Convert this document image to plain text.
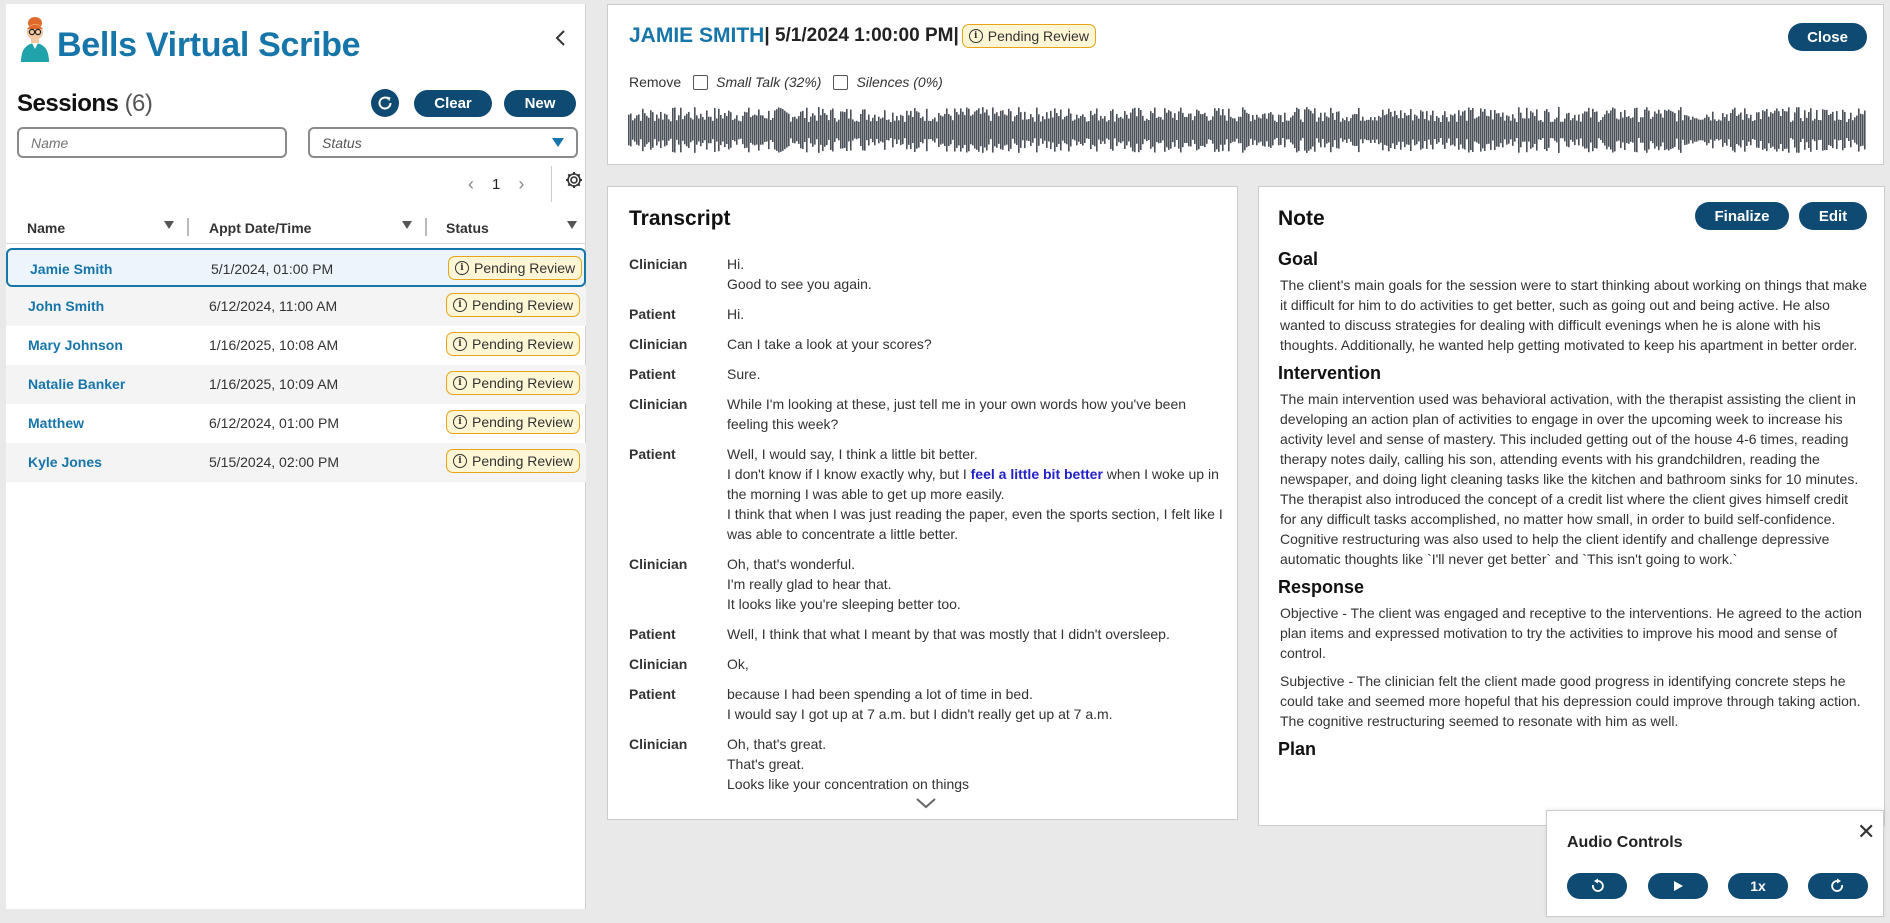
Bells Virtual Scribe
Sessions (6)	Clear	New
Name
Status
‹ 1 ›
Name	Appt Date/Time	Status
Jamie Smith	5/1/2024, 01:00 PM	i Pending Review
John Smith	6/12/2024, 11:00 AM	i Pending Review
Mary Johnson	1/16/2025, 10:08 AM	i Pending Review
Natalie Banker	1/16/2025, 10:09 AM	i Pending Review
Matthew	6/12/2024, 01:00 PM	i Pending Review
Kyle Jones	5/15/2024, 02:00 PM	i Pending Review
JAMIE SMITH | 5/1/2024 1:00:00 PM|	i Pending Review	Close
Remove	Small Talk (32%)	Silences (0%)
Transcript
Clinician	Hi.
Good to see you again.
Patient	Hi.
Clinician	Can I take a look at your scores?
Patient	Sure.
Clinician	While I'm looking at these, just tell me in your own words how you've been feeling this week?
Patient	Well, I would say, I think a little bit better.
I don't know if I know exactly why, but I feel a little bit better when I woke up in the morning I was able to get up more easily.
I think that when I was just reading the paper, even the sports section, I felt like I was able to concentrate a little better.
Clinician	Oh, that's wonderful.
I'm really glad to hear that.
It looks like you're sleeping better too.
Patient	Well, I think that what I meant by that was mostly that I didn't oversleep.
Clinician	Ok,
Patient	because I had been spending a lot of time in bed.
I would say I got up at 7 a.m. but I didn't really get up at 7 a.m.
Clinician	Oh, that's great.
That's great.
Looks like your concentration on things
Note	Finalize	Edit
Goal

The client's main goals for the session were to start thinking about working on things that make it difficult for him to do activities to get better, such as going out and being active. He also wanted to discuss strategies for dealing with difficult evenings when he is alone with his thoughts. Additionally, he wanted help getting motivated to keep his apartment in better order.

Intervention

The main intervention used was behavioral activation, with the therapist assisting the client in developing an action plan of activities to engage in over the upcoming week to increase his activity level and sense of mastery. This included getting out of the house 4-6 times, reading therapy notes daily, calling his son, attending events with his grandchildren, reading the newspaper, and doing light cleaning tasks like the kitchen and bathroom sinks for 10 minutes. The therapist also introduced the concept of a credit list where the client gives himself credit for any difficult tasks accomplished, no matter how small, in order to build self-confidence. Cognitive restructuring was also used to help the client identify and challenge depressive automatic thoughts like `I'll never get better` and `This isn't going to work.`

Response

Objective - The client was engaged and receptive to the interventions. He agreed to the action plan items and expressed motivation to try the activities to improve his mood and sense of control.

Subjective - The clinician felt the client made good progress in identifying concrete steps he could take and seemed more hopeful that his depression could improve through taking action. The cognitive restructuring seemed to resonate with him as well.

Plan
Audio Controls	✕
1x
